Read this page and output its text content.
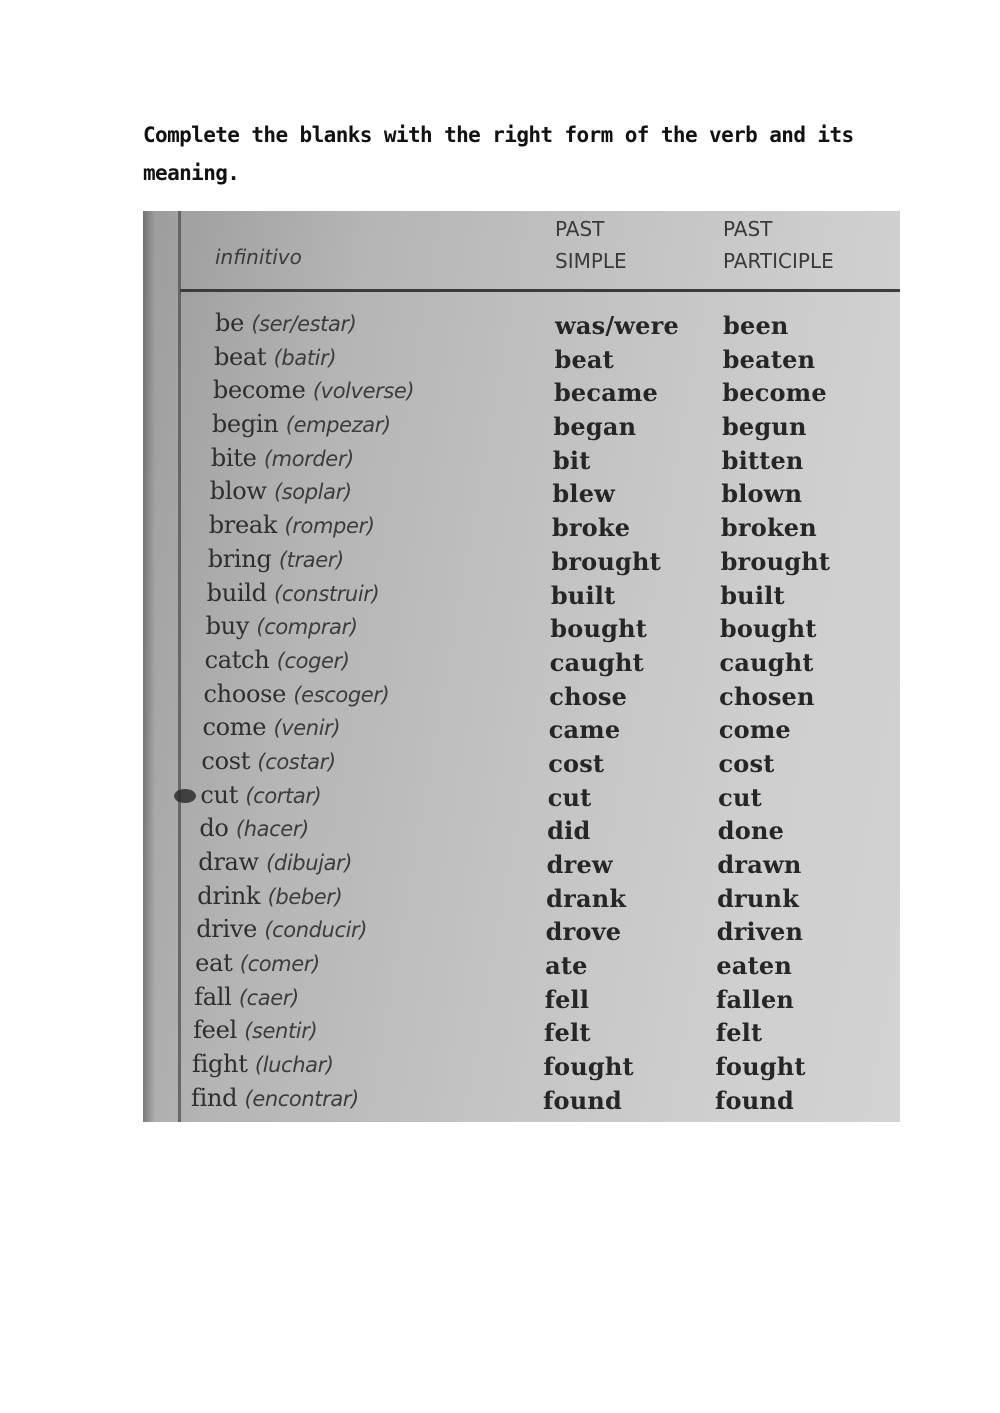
Complete the blanks with the right form of the verb and its meaning.

infinitivo
PAST
SIMPLE
PAST
PARTICIPLE
be (ser/estar)	was/were been
beat (batir)	beat	beaten
become (volverse)	became	become
begin (empezar)	began	begun
bite (morder)	bit	bitten
blow (soplar)	blew	blown
break (romper)	broke	broken
bring (traer)	brought brought
build (construir)	built	built
buy (comprar)	bought	bought
catch (coger)	caught	caught
choose (escoger)	chose	chosen
come (venir)	came	come
cost (costar)	cost	cost
cut (cortar)	cut	cut
do (hacer)	did	done
draw (dibujar)	drew	drawn
drink (beber)	drank	drunk
drive (conducir)	drove	driven
eat (comer)	ate	eaten
fall (caer)	fell	fallen
feel (sentir)	felt	felt
fight (luchar)	fought	fought
find (encontrar)	found	found
